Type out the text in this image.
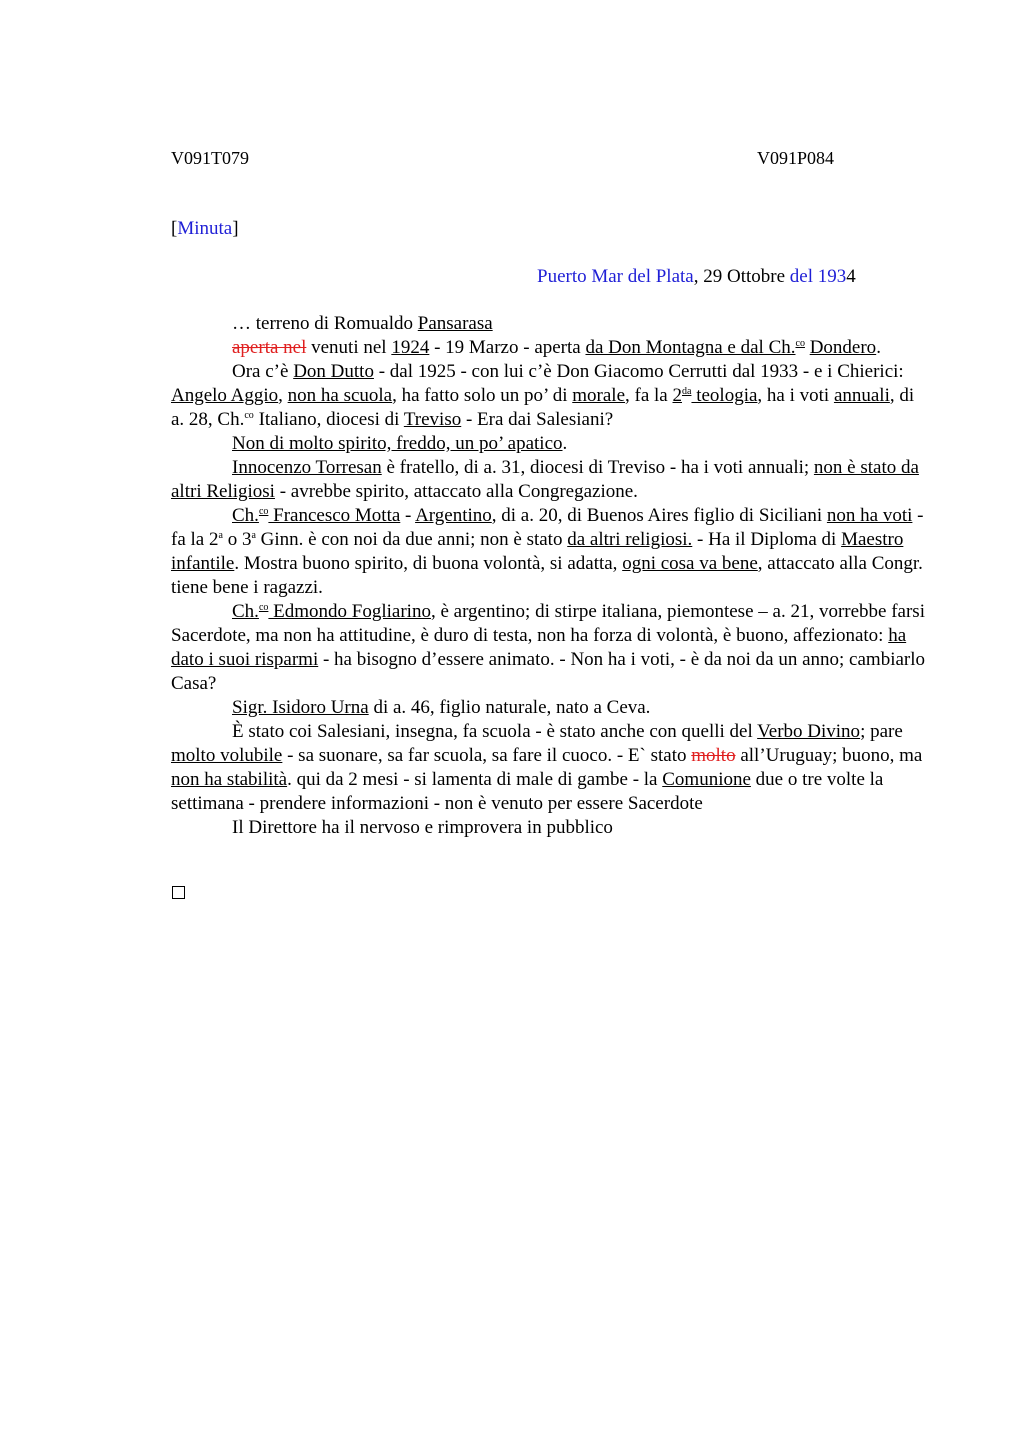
V091T079	V091P084
[Minuta]
Puerto Mar del Plata, 29 Ottobre del 1934

… terreno di Romualdo Pansarasa

aperta nel venuti nel 1924 - 19 Marzo - aperta da Don Montagna e dal Ch.$^{co}$ Dondero.

Ora c’è Don Dutto - dal 1925 - con lui c’è Don Giacomo Cerrutti dal 1933 - e i Chierici: Angelo Aggio, non ha scuola, ha fatto solo un po’ di morale, fa la $2^{da}$ teologia, ha i voti annuali, di a. 28, Ch.$^{co}$ Italiano, diocesi di Treviso - Era dai Salesiani?

Non di molto spirito, freddo, un po’ apatico.

Innocenzo Torresan è fratello, di a. 31, diocesi di Treviso - ha i voti annuali; non è stato da altri Religiosi - avrebbe spirito, attaccato alla Congregazione.

Ch.$^{co}$ Francesco Motta - Argentino, di a. 20, di Buenos Aires figlio di Siciliani non ha voti - fa la 2$^a$ o 3$^a$ Ginn. è con noi da due anni; non è stato da altri religiosi. - Ha il Diploma di Maestro infantile. Mostra buono spirito, di buona volontà, si adatta, ogni cosa va bene, attaccato alla Congr. tiene bene i ragazzi.

Ch.$^{co}$ Edmondo Fogliarino, è argentino; di stirpe italiana, piemontese – a. 21, vorrebbe farsi Sacerdote, ma non ha attitudine, è duro di testa, non ha forza di volontà, è buono, affezionato: ha dato i suoi risparmi - ha bisogno d’essere animato. - Non ha i voti, - è da noi da un anno; cambiarlo Casa?

Sigr. Isidoro Urna di a. 46, figlio naturale, nato a Ceva.

È stato coi Salesiani, insegna, fa scuola - è stato anche con quelli del Verbo Divino; pare molto volubile - sa suonare, sa far scuola, sa fare il cuoco. - E` stato molto all’Uruguay; buono, ma non ha stabilità. qui da 2 mesi - si lamenta di male di gambe - la Comunione due o tre volte la settimana - prendere informazioni - non è venuto per essere Sacerdote

Il Direttore ha il nervoso e rimprovera in pubblico
